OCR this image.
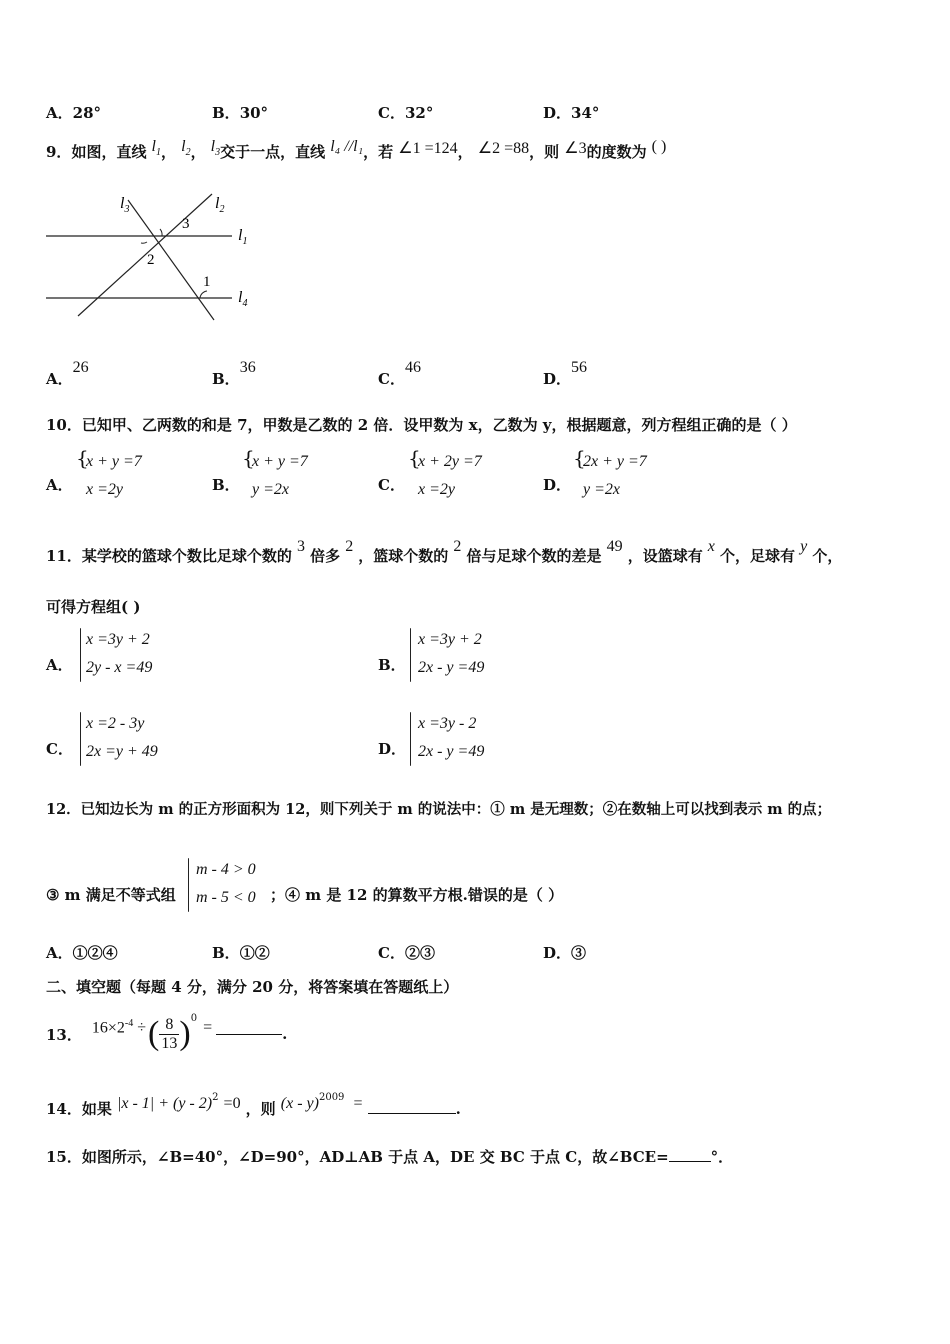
A．28°	B．30°	C．32°	D．34°
9．如图，直线 $l_1$， $l_2$， $l_3$交于一点，直线 l₄ //l₁，若 ∠1 =124， ∠2 =88，则 ∠3的度数为 ( )
$l_3$	$l_2$
$l_1$
$l_4$
3
2
1
A．26
B．36
C．46
D．56
10．已知甲、乙两数的和是 7，甲数是乙数的 2 倍．设甲数为 x，乙数为 y，根据题意，列方程组正确的是（ ）
A．
{
x + y =7
x =2y	B．
{
x + y =7
y =2x	C．
{
x + 2y =7
x =2y	D．
{
2x + y =7
y =2x
11．某学校的篮球个数比足球个数的 3 倍多 2 ，篮球个数的 2 倍与足球个数的差是 49 ，设篮球有 x 个，足球有 y 个，
可得方程组( )
A．
x =3y + 2
2y - x =49	B．
x =3y + 2
2x - y =49
C．
x =2 - 3y
2x =y + 49	D．
x =3y - 2
2x - y =49
12．已知边长为 m 的正方形面积为 12，则下列关于 m 的说法中：① m 是无理数；②在数轴上可以找到表示 m 的点；
③ m 满足不等式组
m - 4 > 0
m - 5 < 0 ；④ m 是 12 的算数平方根.错误的是（ ）
A．①②④	B．①②	C．②③	D．③
二、填空题（每题 4 分，满分 20 分，将答案填在答题纸上）
13． $16\times 2^{-4}$ ÷ ( $\frac{8}{13} )^0$
=	.
14．如果 |x - 1| + (y - 2)$^2$ =0 ，则 (x - y)$^{2009}$ =	.
15．如图所示，∠B=40°，∠D=90°，AD⊥AB 于点 A，DE 交 BC 于点 C，故∠BCE=	°．
